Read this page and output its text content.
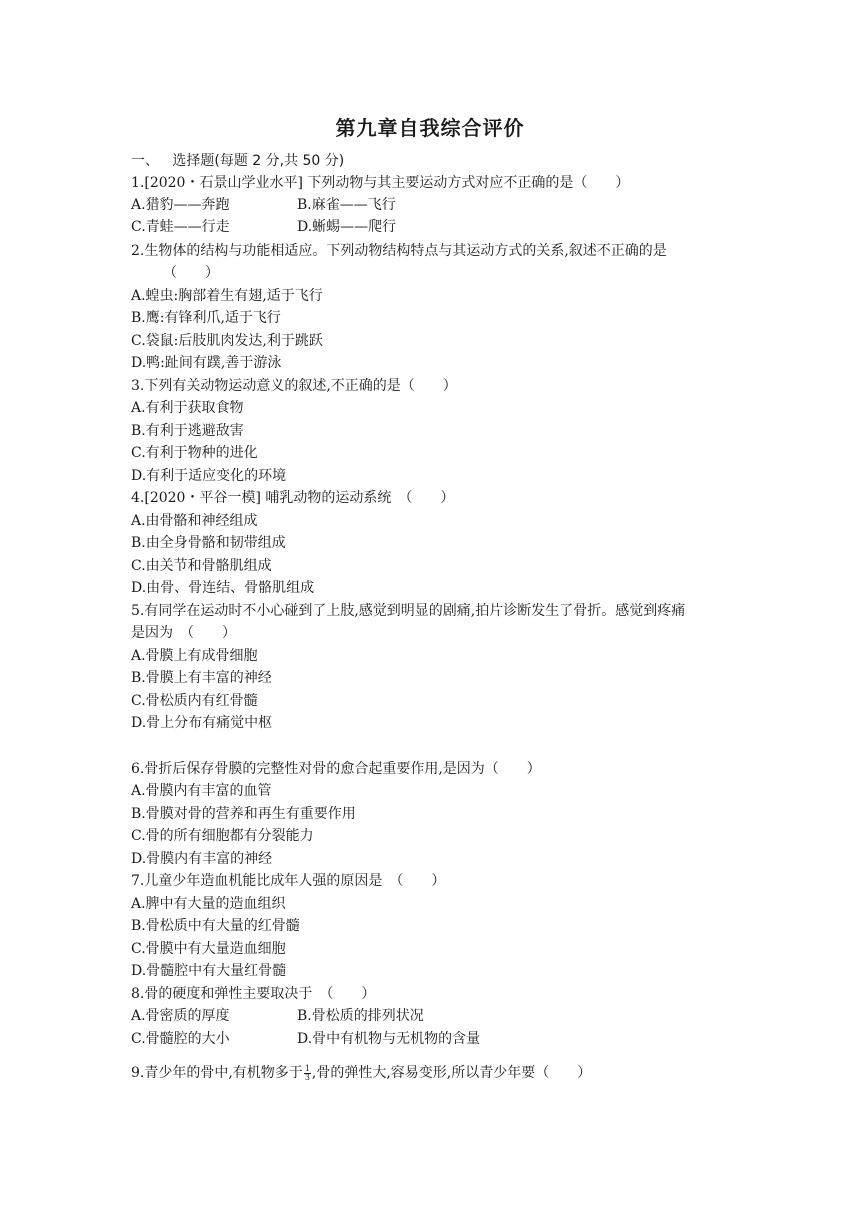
第九章自我综合评价
一、 选择题(每题 2 分,共 50 分)
1.[2020・石景山学业水平] 下列动物与其主要运动方式对应不正确的是（　　）
A.猎豹——奔跑	B.麻雀——飞行
C.青蛙——行走	D.蜥蜴——爬行
2.生物体的结构与功能相适应。下列动物结构特点与其运动方式的关系,叙述不正确的是
（　　）
A.蝗虫:胸部着生有翅,适于飞行
B.鹰:有锋利爪,适于飞行
C.袋鼠:后肢肌肉发达,利于跳跃
D.鸭:趾间有蹼,善于游泳
3.下列有关动物运动意义的叙述,不正确的是（　　）
A.有利于获取食物
B.有利于逃避敌害
C.有利于物种的进化
D.有利于适应变化的环境
4.[2020・平谷一模] 哺乳动物的运动系统　（　　）
A.由骨骼和神经组成
B.由全身骨骼和韧带组成
C.由关节和骨骼肌组成
D.由骨、骨连结、骨骼肌组成
5.有同学在运动时不小心碰到了上肢,感觉到明显的剧痛,拍片诊断发生了骨折。感觉到疼痛
是因为　（　　）
A.骨膜上有成骨细胞
B.骨膜上有丰富的神经
C.骨松质内有红骨髓
D.骨上分布有痛觉中枢
6.骨折后保存骨膜的完整性对骨的愈合起重要作用,是因为（　　）
A.骨膜内有丰富的血管
B.骨膜对骨的营养和再生有重要作用
C.骨的所有细胞都有分裂能力
D.骨膜内有丰富的神经
7.儿童少年造血机能比成年人强的原因是　（　　）
A.脾中有大量的造血组织
B.骨松质中有大量的红骨髓
C.骨膜中有大量造血细胞
D.骨髓腔中有大量红骨髓
8.骨的硬度和弹性主要取决于　（　　）
A.骨密质的厚度	B.骨松质的排列状况
C.骨髓腔的大小	D.骨中有机物与无机物的含量
9.青少年的骨中,有机物多于 $\frac{1}{3}$ ,骨的弹性大,容易变形,所以青少年要（　　）
